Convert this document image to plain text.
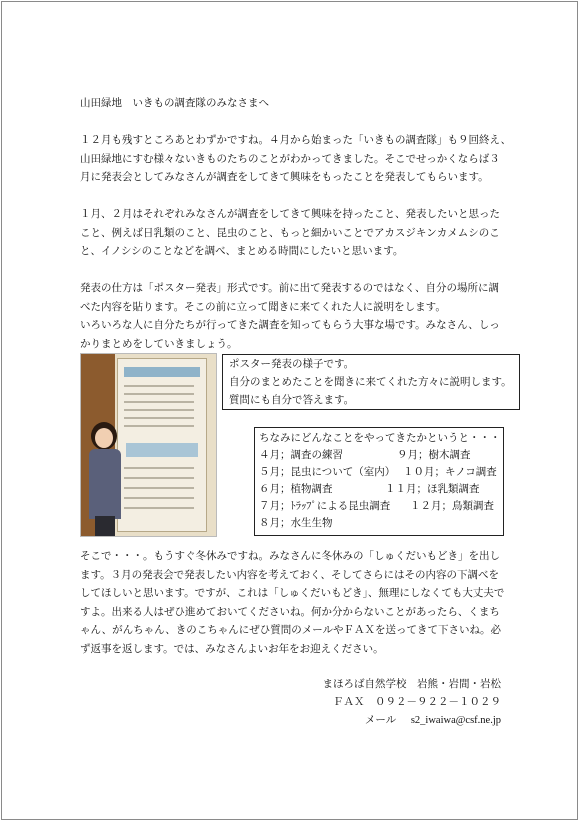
山田緑地　いきもの調査隊のみなさまへ
１２月も残すところあとわずかですね。４月から始まった「いきもの調査隊」も９回終え、
山田緑地にすむ様々ないきものたちのことがわかってきました。そこでせっかくならば３
月に発表会としてみなさんが調査をしてきて興味をもったことを発表してもらいます。
１月、２月はそれぞれみなさんが調査をしてきて興味を持ったこと、発表したいと思った
こと、例えば日乳類のこと、昆虫のこと、もっと細かいことでアカスジキンカメムシのこ
と、イノシシのことなどを調べ、まとめる時間にしたいと思います。
発表の仕方は「ポスター発表」形式です。前に出て発表するのではなく、自分の場所に調
べた内容を貼ります。そこの前に立って聞きに来てくれた人に説明をします。
いろいろな人に自分たちが行ってきた調査を知ってもらう大事な場です。みなさん、しっ
かりまとめをしていきましょう。
ポスター発表の様子です。
自分のまとめたことを聞きに来てくれた方々に説明します。
質問にも自分で答えます。
ちなみにどんなことをやってきたかというと・・・
４月；調査の練習	９月；樹木調査
５月；昆虫について（室内） １０月；キノコ調査
６月；植物調査	１１月；ほ乳類調査
７月；ﾄﾗｯﾌﾟによる昆虫調査 １２月；鳥類調査
８月；水生生物
そこで・・・。もうすぐ冬休みですね。みなさんに冬休みの「しゅくだいもどき」を出し
ます。３月の発表会で発表したい内容を考えておく、そしてさらにはその内容の下調べを
してほしいと思います。ですが、これは「しゅくだいもどき」、無理にしなくても大丈夫で
すよ。出来る人はぜひ進めておいてくださいね。何か分からないことがあったら、くまち
ゃん、がんちゃん、きのこちゃんにぜひ質問のメールやＦＡＸを送ってきて下さいね。必
ず返事を返します。では、みなさんよいお年をお迎えください。
まほろば自然学校　岩熊・岩間・岩松
ＦＡＸ　０９２－９２２－１０２９
メール s2_iwaiwa@csf.ne.jp
